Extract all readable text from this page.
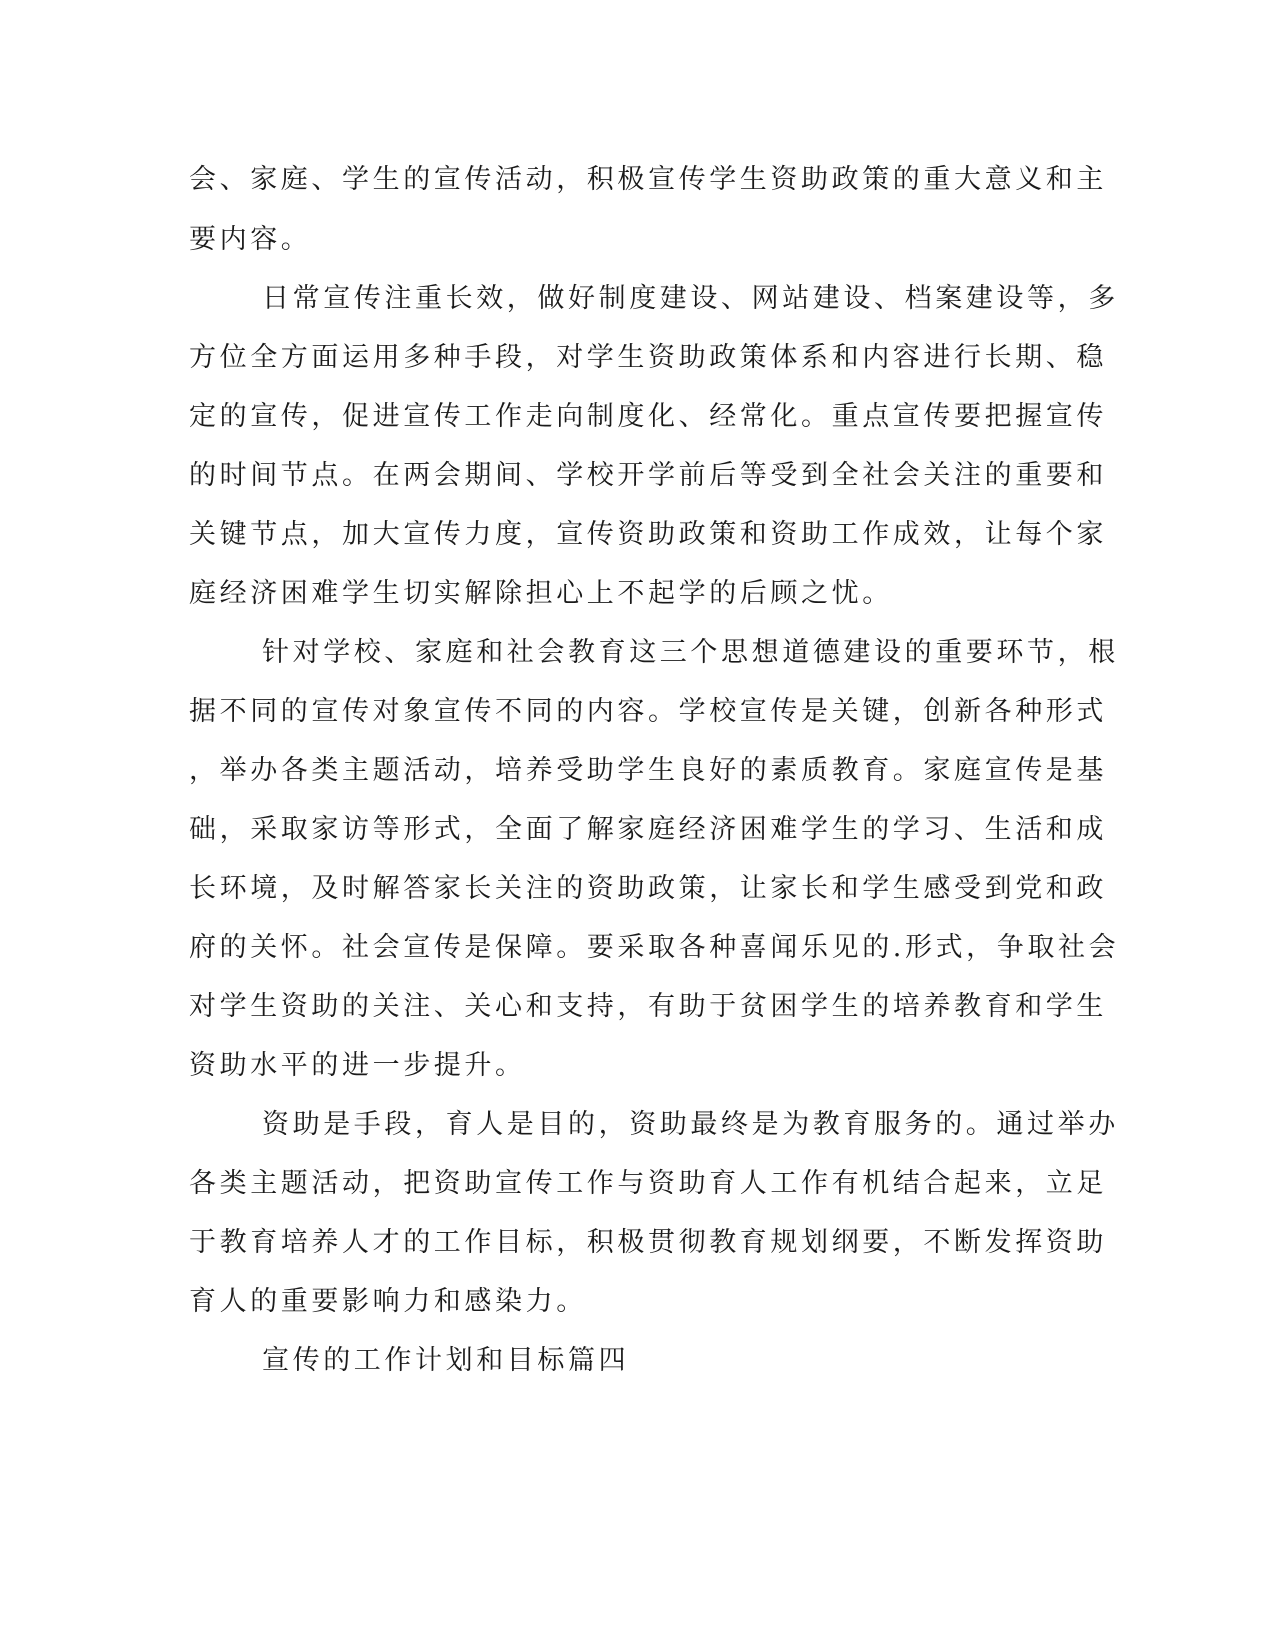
会、家庭、学生的宣传活动，积极宣传学生资助政策的重大意义和主
要内容。
日常宣传注重长效，做好制度建设、网站建设、档案建设等，多
方位全方面运用多种手段，对学生资助政策体系和内容进行长期、稳
定的宣传，促进宣传工作走向制度化、经常化。重点宣传要把握宣传
的时间节点。在两会期间、学校开学前后等受到全社会关注的重要和
关键节点，加大宣传力度，宣传资助政策和资助工作成效，让每个家
庭经济困难学生切实解除担心上不起学的后顾之忧。
针对学校、家庭和社会教育这三个思想道德建设的重要环节，根
据不同的宣传对象宣传不同的内容。学校宣传是关键，创新各种形式
，举办各类主题活动，培养受助学生良好的素质教育。家庭宣传是基
础，采取家访等形式，全面了解家庭经济困难学生的学习、生活和成
长环境，及时解答家长关注的资助政策，让家长和学生感受到党和政
府的关怀。社会宣传是保障。要采取各种喜闻乐见的.形式，争取社会
对学生资助的关注、关心和支持，有助于贫困学生的培养教育和学生
资助水平的进一步提升。
资助是手段，育人是目的，资助最终是为教育服务的。通过举办
各类主题活动，把资助宣传工作与资助育人工作有机结合起来，立足
于教育培养人才的工作目标，积极贯彻教育规划纲要，不断发挥资助
育人的重要影响力和感染力。
宣传的工作计划和目标篇四
